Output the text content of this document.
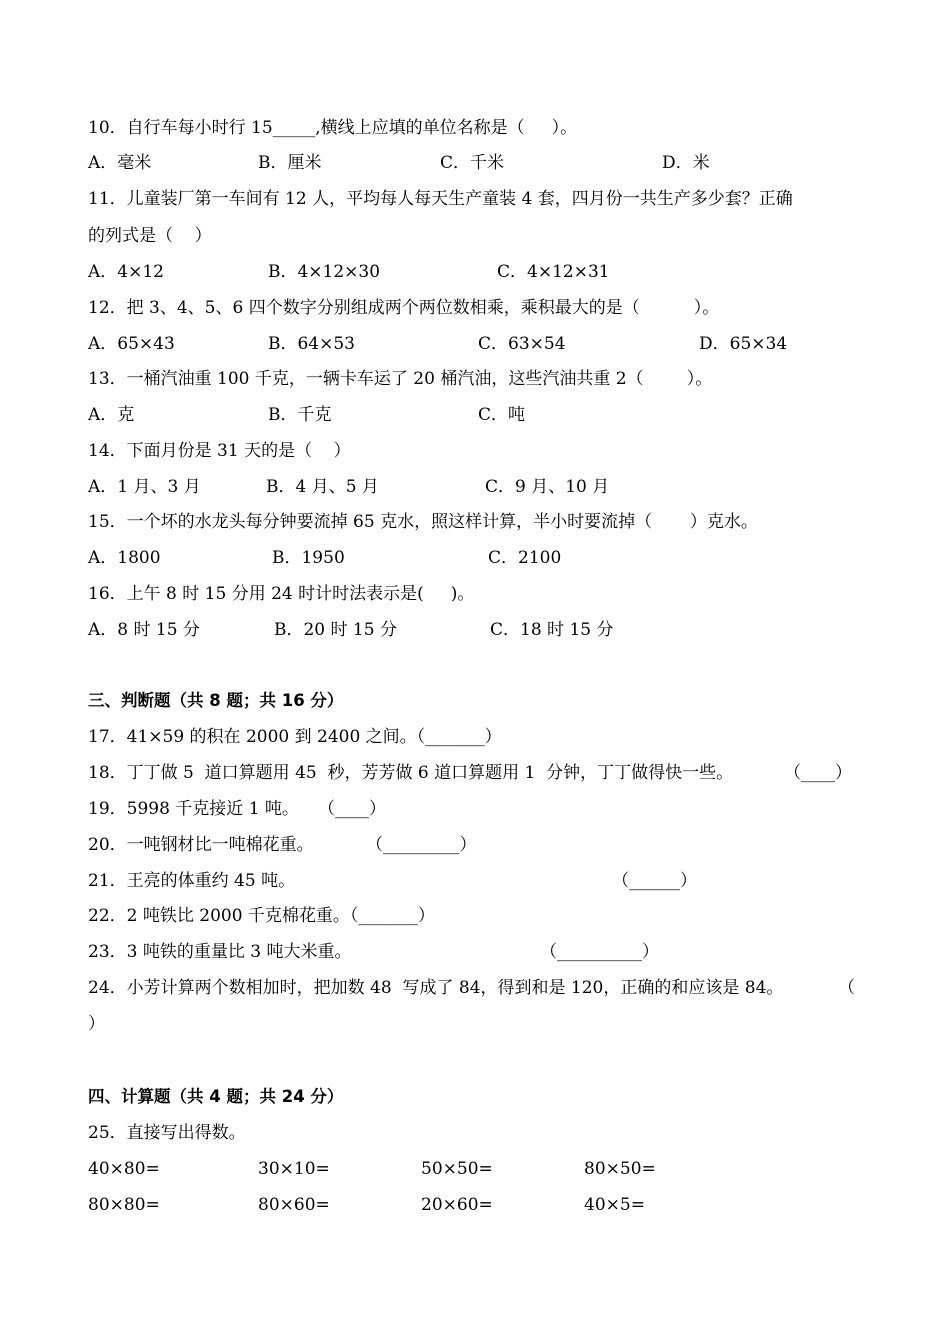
10．自行车每小时行 15_____,横线上应填的单位名称是（     ）。
A．毫米	B．厘米	C．千米	D．米
11．儿童装厂第一车间有 12 人，平均每人每天生产童装 4 套，四月份一共生产多少套？正确
的列式是（    ）
A．4×12	B．4×12×30	C．4×12×31
12．把 3、4、5、6 四个数字分别组成两个两位数相乘，乘积最大的是（          ）。
A．65×43	B．64×53	C．63×54	D．65×34
13．一桶汽油重 100 千克，一辆卡车运了 20 桶汽油，这些汽油共重 2（        ）。
A．克	B．千克	C．吨
14．下面月份是 31 天的是（    ）
A．1 月、3 月	B．4 月、5 月	C．9 月、10 月
15．一个坏的水龙头每分钟要流掉 65 克水，照这样计算，半小时要流掉（       ）克水。
A．1800	B．1950	C．2100
16．上午 8 时 15 分用 24 时计时法表示是(     )。
A．8 时 15 分	B．20 时 15 分	C．18 时 15 分
三、判断题（共 8 题；共 16 分）
17．41×59 的积在 2000 到 2400 之间。（_______）
18．丁丁做 5  道口算题用 45  秒，芳芳做 6 道口算题用 1  分钟，丁丁做得快一些。	（____）
19．5998 千克接近 1 吨。 （____）
20．一吨钢材比一吨棉花重。	（_________）
21．王亮的体重约 45 吨。	（______）
22．2 吨铁比 2000 千克棉花重。（_______）
23．3 吨铁的重量比 3 吨大米重。	（__________）
24．小芳计算两个数相加时，把加数 48  写成了 84，得到和是 120，正确的和应该是 84。	（
）
四、计算题（共 4 题；共 24 分）
25．直接写出得数。
40×80=	30×10=	50×50=	80×50=
80×80=	80×60=	20×60=	40×5=
